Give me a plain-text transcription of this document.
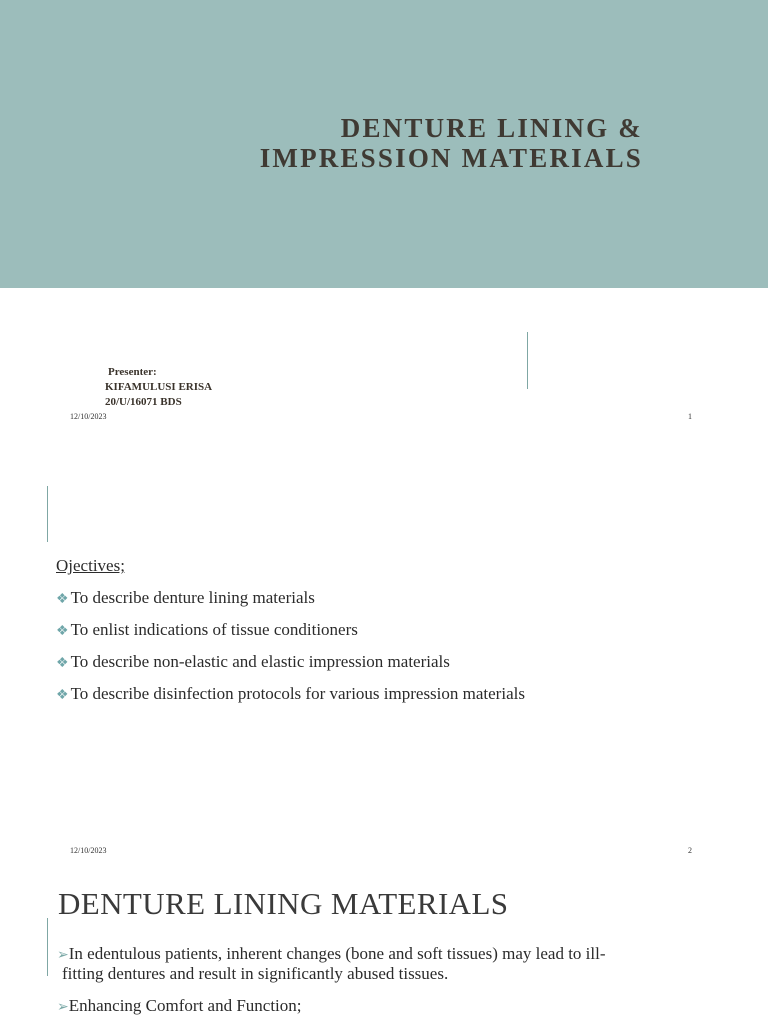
DENTURE LINING &
IMPRESSION MATERIALS
Presenter:
KIFAMULUSI ERISA
20/U/16071 BDS
12/10/2023	1
Ojectives;
❖ To describe denture lining materials
❖ To enlist indications of tissue conditioners
❖ To describe non-elastic and elastic impression materials
❖ To describe disinfection protocols for various impression materials
12/10/2023	2
DENTURE LINING MATERIALS
➢In edentulous patients, inherent changes (bone and soft tissues) may lead to ill-
fitting dentures and result in significantly abused tissues.
➢Enhancing Comfort and Function;
